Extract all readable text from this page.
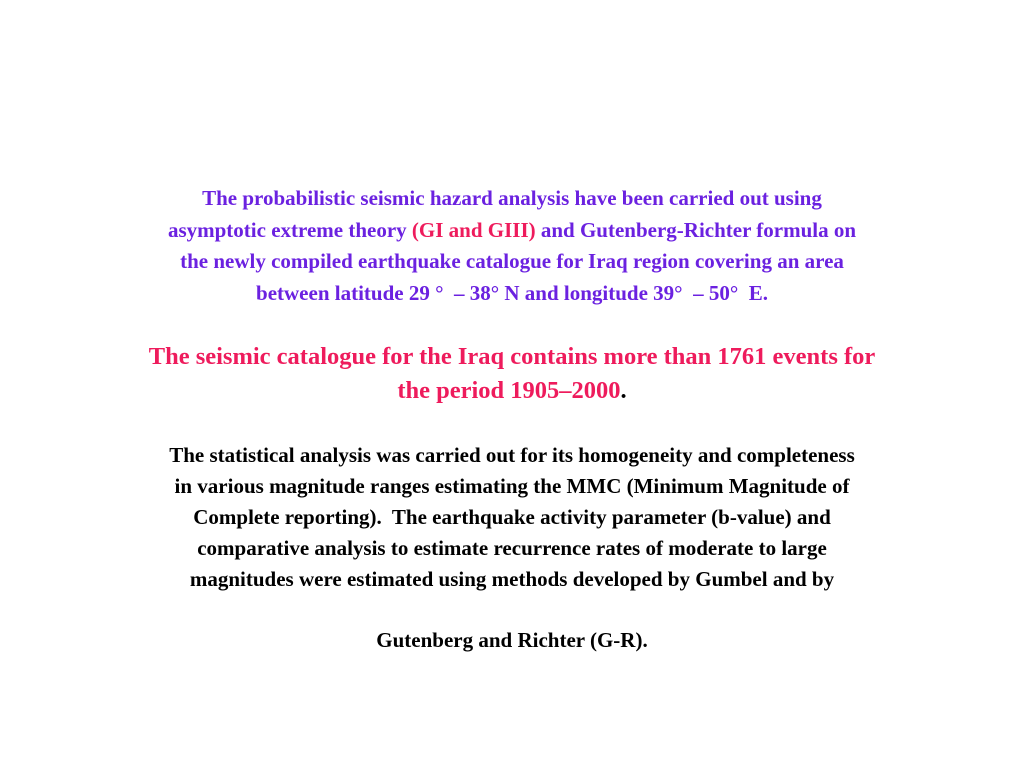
The probabilistic seismic hazard analysis have been carried out using
asymptotic extreme theory (GI and GIII) and Gutenberg-Richter formula on
the newly compiled earthquake catalogue for Iraq region covering an area
between latitude 29 °  – 38° N and longitude 39°  – 50°  E.

The seismic catalogue for the Iraq contains more than 1761 events for
the period 1905–2000.

The statistical analysis was carried out for its homogeneity and completeness
in various magnitude ranges estimating the MMC (Minimum Magnitude of
Complete reporting).  The earthquake activity parameter (b-value) and
comparative analysis to estimate recurrence rates of moderate to large
magnitudes were estimated using methods developed by Gumbel and by

Gutenberg and Richter (G-R).
